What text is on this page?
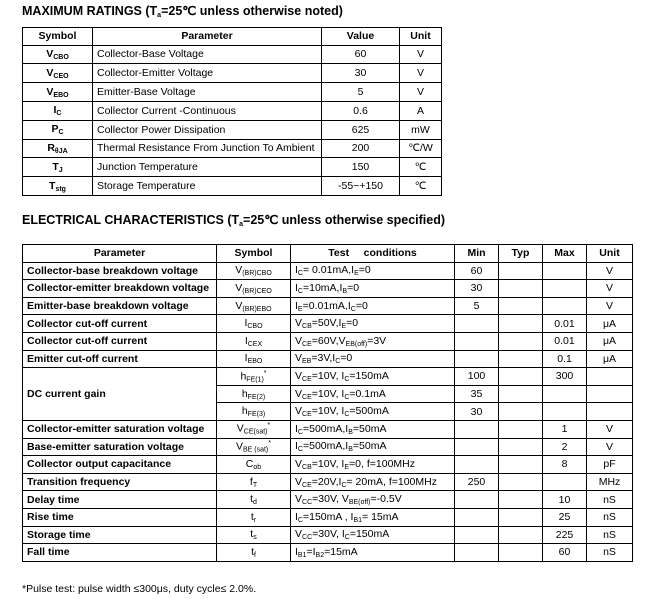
MAXIMUM RATINGS ($T_a=25℃$ unless otherwise noted)
Symbol	Parameter	Value	Unit
$V_{CBO}$	Collector-Base Voltage	60	V
$V_{CEO}$	Collector-Emitter Voltage	30	V
$V_{EBO}$	Emitter-Base Voltage	5	V
$I_C$	Collector Current -Continuous	0.6	A
$P_C$	Collector Power Dissipation	625	mW
$R_{\theta JA}$	Thermal Resistance From Junction To Ambient	200	℃/W
$T_J$	Junction Temperature	150	℃
$T_{stg}$	Storage Temperature	-55~+150	℃
ELECTRICAL CHARACTERISTICS ($T_a=25℃$ unless otherwise specified)
Parameter	Symbol	Test     conditions	Min	Typ	Max	Unit
Collector-base breakdown voltage	$V_{(BR)CBO}$	$I_C= 0.01mA,I_E=0$	60			V
Collector-emitter breakdown voltage	$V_{(BR)CEO}$	$I_C=10mA,I_B=0$	30			V
Emitter-base breakdown voltage	$V_{(BR)EBO}$	$I_E=0.01mA,I_C=0$	5			V
Collector cut-off current	$I_{CBO}$	$V_{CB}=50V,I_E=0$			0.01	μA
Collector cut-off current	$I_{CEX}$	$V_{CE}=60V,V_{EB(off)}=3V$			0.01	μA
Emitter cut-off current	$I_{EBO}$	$V_{EB}=3V,I_C=0$			0.1	μA
DC current gain	$h_{FE(1)}^*$	$V_{CE}=10V$, $I_C=150mA$	100		300	
	$h_{FE(2)}$	$V_{CE}=10V$, $I_C=0.1mA$	35			
	$h_{FE(3)}$	$V_{CE}=10V$, $I_C=500mA$	30			
Collector-emitter saturation voltage	$V_{CE(sat)}^*$	$I_C=500mA,I_B=50mA$			1	V
Base-emitter saturation voltage	$V_{BE (sat)}^*$	$I_C=500mA,I_B=50mA$			2	V
Collector output capacitance	$C_{ob}$	$V_{CB}=10V$, $I_E=0$, f=100MHz			8	pF
Transition frequency	$f_T$	$V_{CE}=20V,I_C= 20mA$, f=100MHz	250			MHz
Delay time	$t_d$	$V_{CC}=30V$, $V_{BE(off)}=-0.5V$			10	nS
Rise time	$t_r$	$I_C=150mA$ , $I_{B1}= 15mA$			25	nS
Storage time	$t_s$	$V_{CC}=30V$, $I_C=150mA$			225	nS
Fall time	$t_f$	$I_{B1}=I_{B2}=15mA$			60	nS
*Pulse test: pulse width ≤300μs, duty cycle≤ 2.0%.
